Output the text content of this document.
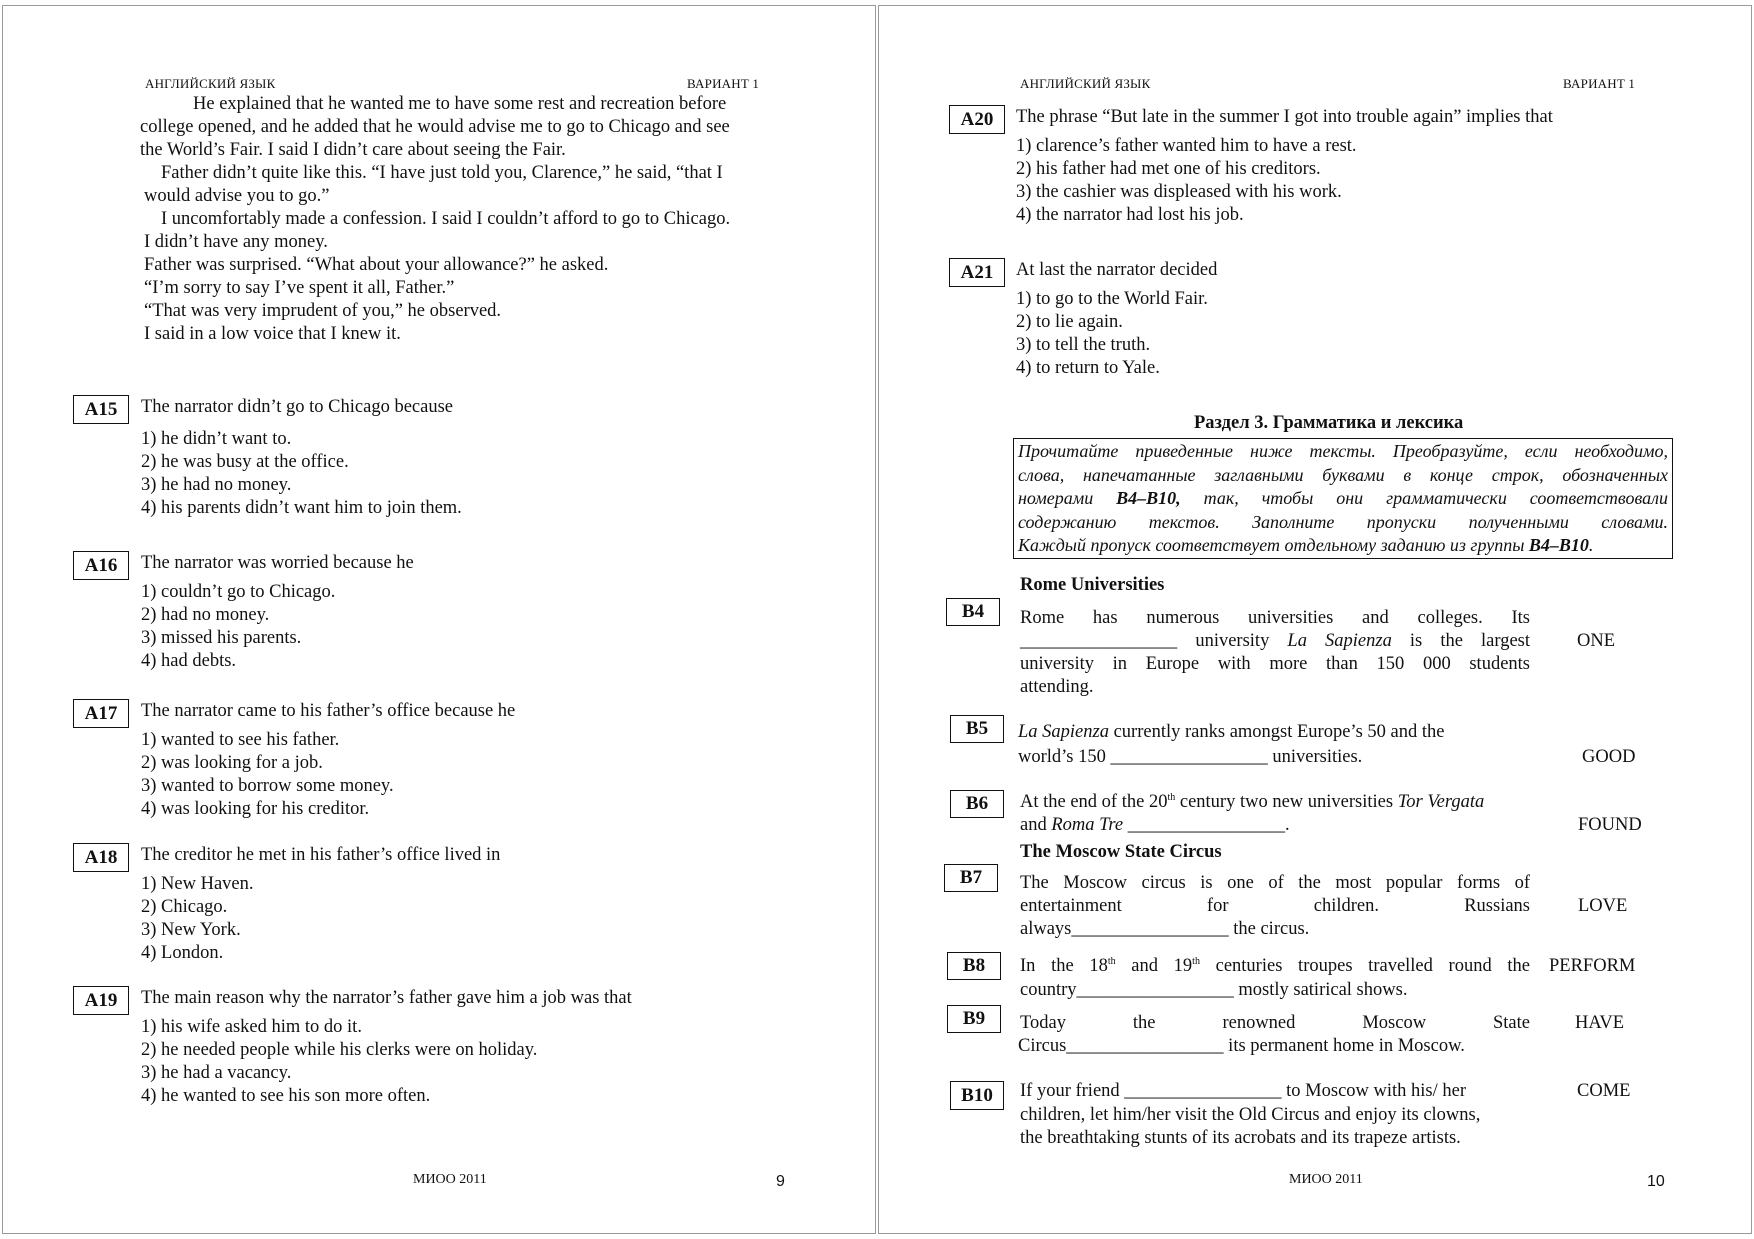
АНГЛИЙСКИЙ ЯЗЫК	ВАРИАНТ 1
He explained that he wanted me to have some rest and recreation before
college opened, and he added that he would advise me to go to Chicago and see
the World’s Fair. I said I didn’t care about seeing the Fair.
Father didn’t quite like this. “I have just told you, Clarence,” he said, “that I
would advise you to go.”
I uncomfortably made a confession. I said I couldn’t afford to go to Chicago.
I didn’t have any money.
Father was surprised. “What about your allowance?” he asked.
“I’m sorry to say I’ve spent it all, Father.”
“That was very imprudent of you,” he observed.
I said in a low voice that I knew it.
A15	The narrator didn’t go to Chicago because
1) he didn’t want to.
2) he was busy at the office.
3) he had no money.
4) his parents didn’t want him to join them.
A16	The narrator was worried because he
1) couldn’t go to Chicago.
2) had no money.
3) missed his parents.
4) had debts.
A17	The narrator came to his father’s office because he
1) wanted to see his father.
2) was looking for a job.
3) wanted to borrow some money.
4) was looking for his creditor.
A18	The creditor he met in his father’s office lived in
1) New Haven.
2) Chicago.
3) New York.
4) London.
A19	The main reason why the narrator’s father gave him a job was that
1) his wife asked him to do it.
2) he needed people while his clerks were on holiday.
3) he had a vacancy.
4) he wanted to see his son more often.
МИОО 2011	9
АНГЛИЙСКИЙ ЯЗЫК	ВАРИАНТ 1
A20	The phrase “But late in the summer I got into trouble again” implies that
1) clarence’s father wanted him to have a rest.
2) his father had met one of his creditors.
3) the cashier was displeased with his work.
4) the narrator had lost his job.
A21	At last the narrator decided
1) to go to the World Fair.
2) to lie again.
3) to tell the truth.
4) to return to Yale.
Раздел 3. Грамматика и лексика
Прочитайте приведенные ниже тексты. Преобразуйте, если необходимо,
слова, напечатанные заглавными буквами в конце строк, обозначенных
номерами B4–B10, так, чтобы они грамматически соответствовали
содержанию текстов. Заполните пропуски полученными словами.
Каждый пропуск соответствует отдельному заданию из группы B4–B10.
Rome Universities
B4	Rome has numerous universities and colleges. Its
_________________ university La Sapienza is the largest
university in Europe with more than 150 000 students
attending.
ONE
B5	La Sapienza currently ranks amongst Europe’s 50 and the
world’s 150 _________________ universities.	GOOD
B6	At the end of the 20th century two new universities Tor Vergata
and Roma Tre _________________.	FOUND
The Moscow State Circus
B7	The Moscow circus is one of the most popular forms of
entertainment for children. Russians
always_________________ the circus.
LOVE
B8	In the 18th and 19th centuries troupes travelled round the
country_________________ mostly satirical shows.
PERFORM
B9	Today the renowned Moscow State
Circus_________________ its permanent home in Moscow.
HAVE
B10	If your friend _________________ to Moscow with his/ her
children, let him/her visit the Old Circus and enjoy its clowns,
the breathtaking stunts of its acrobats and its trapeze artists.
COME
МИОО 2011	10
